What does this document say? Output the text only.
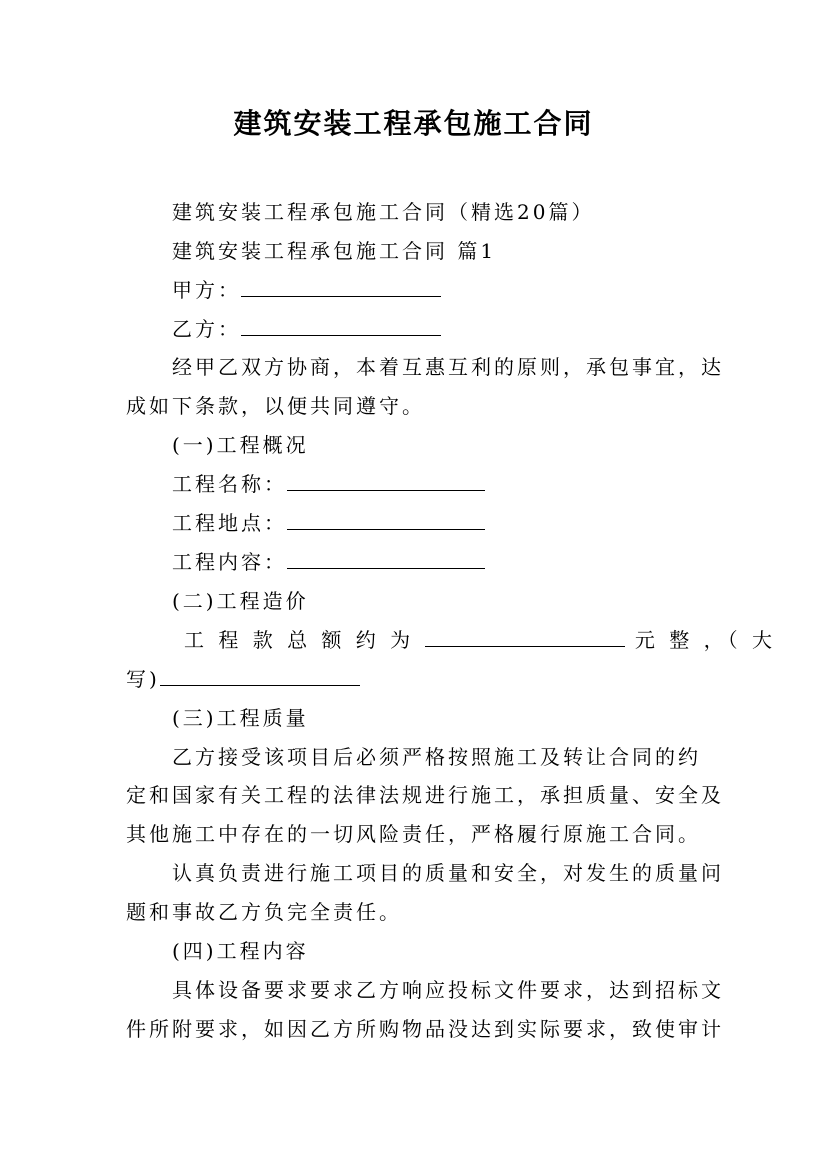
建筑安装工程承包施工合同
建筑安装工程承包施工合同（精选20篇）
建筑安装工程承包施工合同 篇1
甲方：
乙方：
经甲乙双方协商，本着互惠互利的原则，承包事宜，达
成如下条款，以便共同遵守。
(一)工程概况
工程名称：
工程地点：
工程内容：
(二)工程造价
工 程 款 总 额 约 为	元 整 ，（ 大
写)
(三)工程质量
乙方接受该项目后必须严格按照施工及转让合同的约
定和国家有关工程的法律法规进行施工，承担质量、安全及
其他施工中存在的一切风险责任，严格履行原施工合同。
认真负责进行施工项目的质量和安全，对发生的质量问
题和事故乙方负完全责任。
(四)工程内容
具体设备要求要求乙方响应投标文件要求，达到招标文
件所附要求，如因乙方所购物品没达到实际要求，致使审计
